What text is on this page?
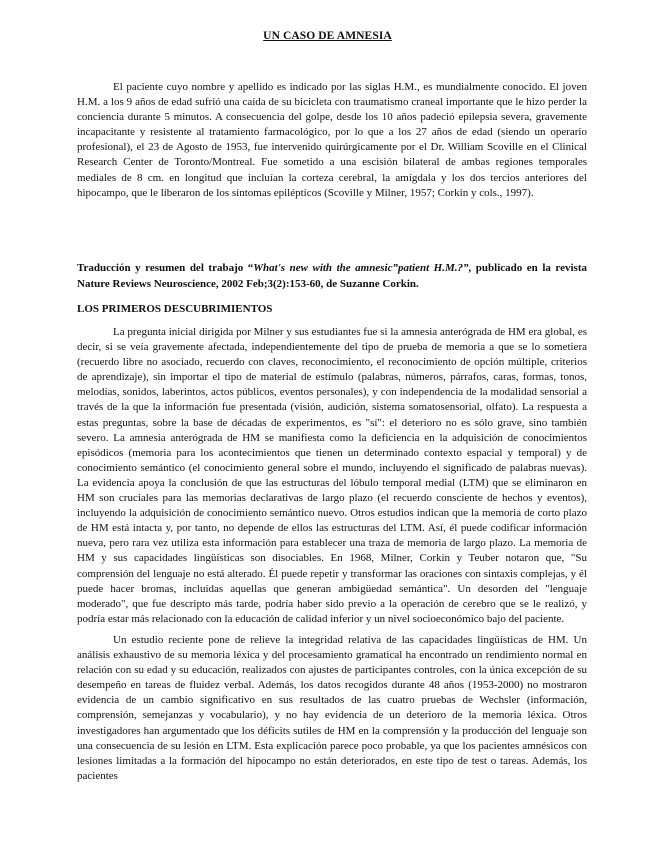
UN CASO DE AMNESIA

El paciente cuyo nombre y apellido es indicado por las siglas H.M., es mundialmente conocido. El joven H.M. a los 9 años de edad sufrió una caída de su bicicleta con traumatismo craneal importante que le hizo perder la conciencia durante 5 minutos. A consecuencia del golpe, desde los 10 años padeció epilepsia severa, gravemente incapacitante y resistente al tratamiento farmacológico, por lo que a los 27 años de edad (siendo un operario profesional), el 23 de Agosto de 1953, fue intervenido quirúrgicamente por el Dr. William Scoville en el Clinical Research Center de Toronto/Montreal. Fue sometido a una escisión bilateral de ambas regiones temporales mediales de 8 cm. en longitud que incluían la corteza cerebral, la amígdala y los dos tercios anteriores del hipocampo, que le liberaron de los síntomas epilépticos (Scoville y Milner, 1957; Corkin y cols., 1997).

Traducción y resumen del trabajo “What's new with the amnesic”patient H.M.?”, publicado en la revista Nature Reviews Neuroscience, 2002 Feb;3(2):153-60, de Suzanne Corkin.

LOS PRIMEROS DESCUBRIMIENTOS

La pregunta inicial dirigida por Milner y sus estudiantes fue si la amnesia anterógrada de HM era global, es decir, si se veía gravemente afectada, independientemente del tipo de prueba de memoria a que se lo sometiera (recuerdo libre no asociado, recuerdo con claves, reconocimiento, el reconocimiento de opción múltiple, criterios de aprendizaje), sin importar el tipo de material de estímulo (palabras, números, párrafos, caras, formas, tonos, melodías, sonidos, laberintos, actos públicos, eventos personales), y con independencia de la modalidad sensorial a través de la que la información fue presentada (visión, audición, sistema somatosensorial, olfato). La respuesta a estas preguntas, sobre la base de décadas de experimentos, es "sí": el deterioro no es sólo grave, sino también severo. La amnesia anterógrada de HM se manifiesta como la deficiencia en la adquisición de conocimientos episódicos (memoria para los acontecimientos que tienen un determinado contexto espacial y temporal) y de conocimiento semántico (el conocimiento general sobre el mundo, incluyendo el significado de palabras nuevas). La evidencia apoya la conclusión de que las estructuras del lóbulo temporal medial (LTM) que se eliminaron en HM son cruciales para las memorias declarativas de largo plazo (el recuerdo consciente de hechos y eventos), incluyendo la adquisición de conocimiento semántico nuevo. Otros estudios indican que la memoria de corto plazo de HM está intacta y, por tanto, no depende de ellos las estructuras del LTM. Así, él puede codificar información nueva, pero rara vez utiliza esta información para establecer una traza de memoria de largo plazo. La memoria de HM y sus capacidades lingüísticas son disociables. En 1968, Milner, Corkin y Teuber notaron que, "Su comprensión del lenguaje no está alterado. Él puede repetir y transformar las oraciones con sintaxis complejas, y él puede hacer bromas, incluidas aquellas que generan ambigüedad semántica". Un desorden del "lenguaje moderado", que fue descripto más tarde, podría haber sido previo a la operación de cerebro que se le realizó, y podría estar más relacionado con la educación de calidad inferior y un nivel socioeconómico bajo del paciente.

Un estudio reciente pone de relieve la integridad relativa de las capacidades lingüísticas de HM. Un análisis exhaustivo de su memoria léxica y del procesamiento gramatical ha encontrado un rendimiento normal en relación con su edad y su educación, realizados con ajustes de participantes controles, con la única excepción de su desempeño en tareas de fluidez verbal. Además, los datos recogidos durante 48 años (1953-2000) no mostraron evidencia de un cambio significativo en sus resultados de las cuatro pruebas de Wechsler (información, comprensión, semejanzas y vocabulario), y no hay evidencia de un deterioro de la memoria léxica. Otros investigadores han argumentado que los déficits sutiles de HM en la comprensión y la producción del lenguaje son una consecuencia de su lesión en LTM. Esta explicación parece poco probable, ya que los pacientes amnésicos con lesiones limitadas a la formación del hipocampo no están deteriorados, en este tipo de test o tareas. Además, los pacientes
